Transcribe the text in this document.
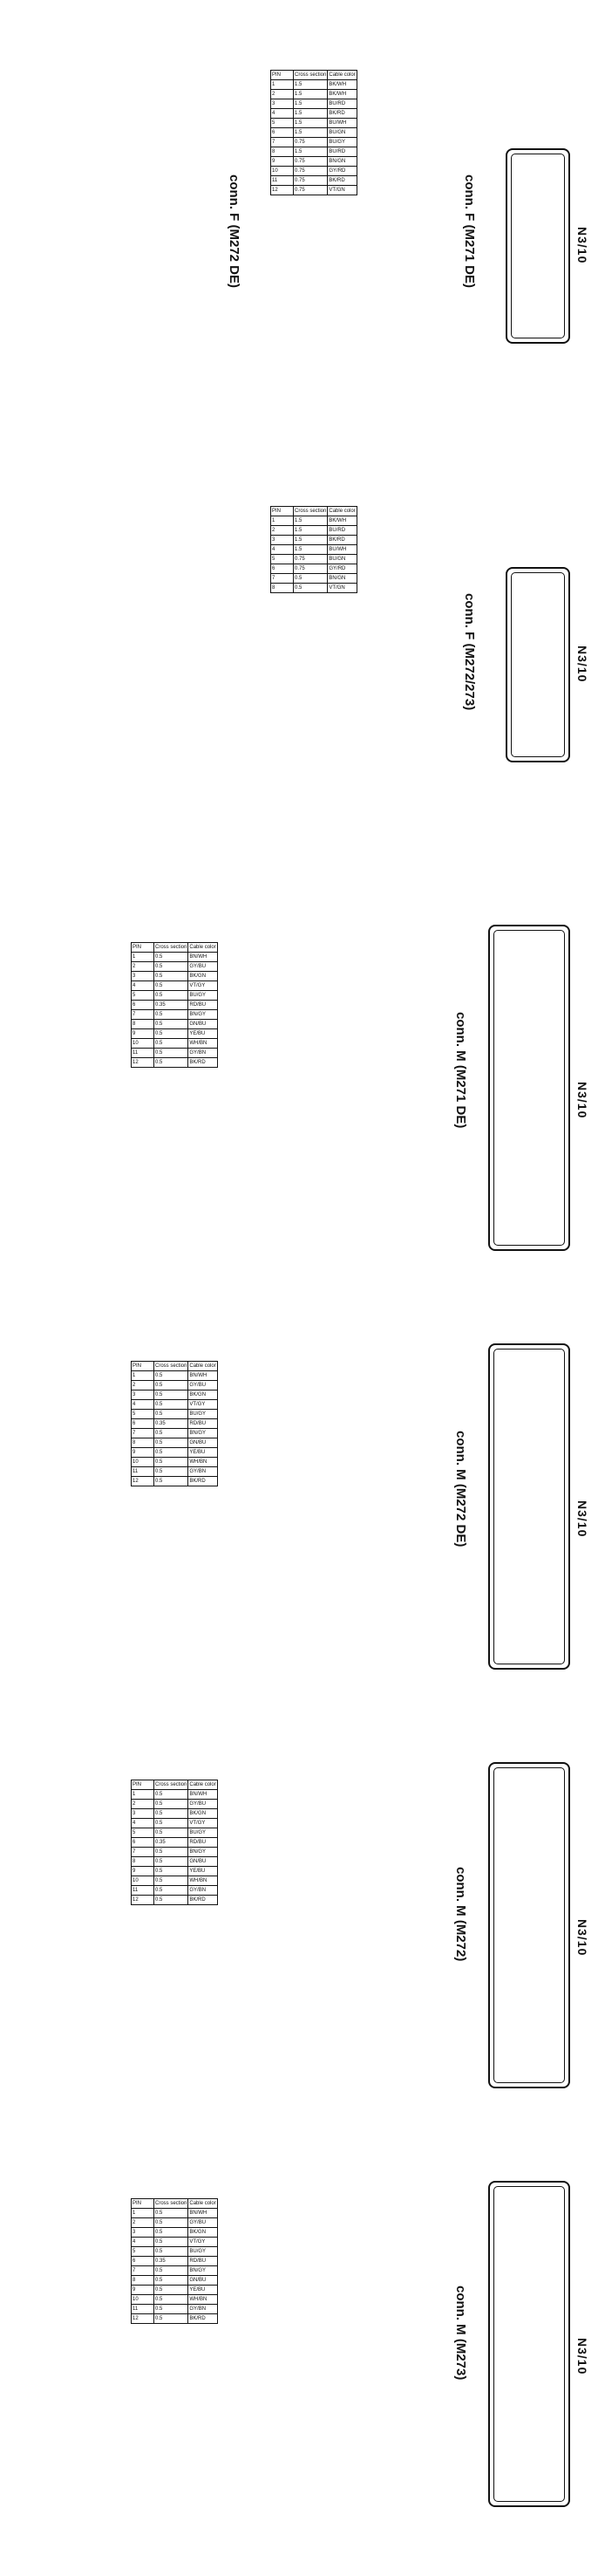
N3/10
conn. F (M271 DE)
conn. F (M272 DE)
PIN	Cross section	Cable color
1	1.5	BK/WH
2	1.5	BK/WH
3	1.5	BU/RD
4	1.5	BK/RD
5	1.5	BU/WH
6	1.5	BU/GN
7	0.75	BU/GY
8	1.5	BU/RD
9	0.75	BN/GN
10	0.75	GY/RD
11	0.75	BK/RD
12	0.75	VT/GN
N3/10
conn. F (M272/273)
PIN	Cross section	Cable color
1	1.5	BK/WH
2	1.5	BU/RD
3	1.5	BK/RD
4	1.5	BU/WH
5	0.75	BU/GN
6	0.75	GY/RD
7	0.5	BN/GN
8	0.5	VT/GN
N3/10
conn. M (M271 DE)
PIN	Cross section	Cable color
1	0.5	BN/WH
2	0.5	GY/BU
3	0.5	BK/GN
4	0.5	VT/GY
5	0.5	BU/GY
6	0.35	RD/BU
7	0.5	BN/GY
8	0.5	GN/BU
9	0.5	YE/BU
10	0.5	WH/BN
11	0.5	GY/BN
12	0.5	BK/RD
N3/10
conn. M (M272 DE)
PIN	Cross section	Cable color
1	0.5	BN/WH
2	0.5	GY/BU
3	0.5	BK/GN
4	0.5	VT/GY
5	0.5	BU/GY
6	0.35	RD/BU
7	0.5	BN/GY
8	0.5	GN/BU
9	0.5	YE/BU
10	0.5	WH/BN
11	0.5	GY/BN
12	0.5	BK/RD
N3/10
conn. M (M272)
PIN	Cross section	Cable color
1	0.5	BN/WH
2	0.5	GY/BU
3	0.5	BK/GN
4	0.5	VT/GY
5	0.5	BU/GY
6	0.35	RD/BU
7	0.5	BN/GY
8	0.5	GN/BU
9	0.5	YE/BU
10	0.5	WH/BN
11	0.5	GY/BN
12	0.5	BK/RD
N3/10
conn. M (M273)
PIN	Cross section	Cable color
1	0.5	BN/WH
2	0.5	GY/BU
3	0.5	BK/GN
4	0.5	VT/GY
5	0.5	BU/GY
6	0.35	RD/BU
7	0.5	BN/GY
8	0.5	GN/BU
9	0.5	YE/BU
10	0.5	WH/BN
11	0.5	GY/BN
12	0.5	BK/RD
